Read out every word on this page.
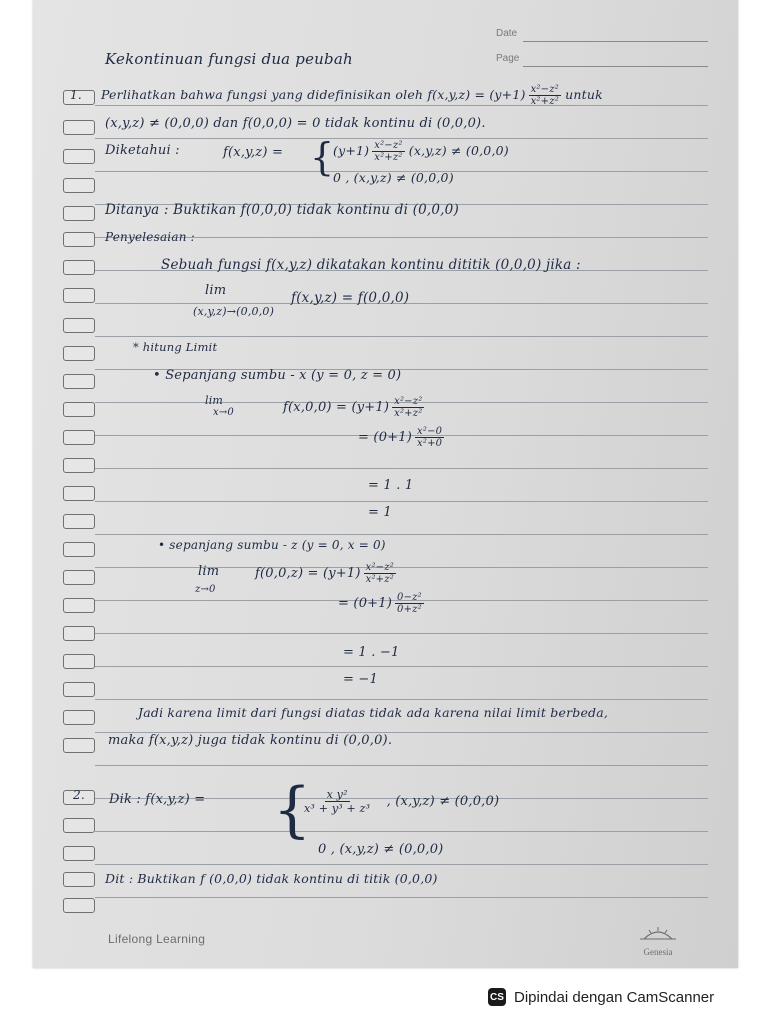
Date
Page
Kekontinuan fungsi dua peubah
1. Perlihatkan bahwa fungsi yang didefinisikan oleh $f(x,y,z) = (y+1) \frac{\text{x²−z²}}{\text{x²+z²}}$ untuk
(x,y,z) ≠ (0,0,0) dan f(0,0,0) = 0 tidak kontinu di (0,0,0).
Diketahui :	f(x,y,z) = {
$(y+1) \frac{\text{x²−z²}}{\text{x²+z²}} (x,y,z) \ne (0,0,0)$
0 , (x,y,z) ≠ (0,0,0)
Ditanya : Buktikan f(0,0,0) tidak kontinu di (0,0,0)
Penyelesaian :
Sebuah fungsi f(x,y,z) dikatakan kontinu dititik (0,0,0) jika :
lim	f(x,y,z) = f(0,0,0)
(x,y,z)→(0,0,0)
* hitung Limit
• Sepanjang sumbu - x (y = 0, z = 0)
lim
x→0	$f(x,0,0) = (y+1) \frac{\text{x²−z²}}{\text{x²+z²}}$
= $(0+1) \frac{\text{x²−0}}{\text{x²+0}}$
= 1 . 1
= 1
• sepanjang sumbu - z (y = 0, x = 0)
lim
z→0
$f(0,0,z) = (y+1) \frac{\text{x²−z²}}{\text{x²+z²}}$
= $(0+1) \frac{\text{0−z²}}{\text{0+z²}}$
= 1 . −1
= −1
Jadi karena limit dari fungsi diatas tidak ada karena nilai limit berbeda,
maka f(x,y,z) juga tidak kontinu di (0,0,0).
2. Dik : f(x,y,z) = {
$\frac{\text{x y²}}{\text{x³ + y³ + z³}}$ , (x,y,z) ≠ (0,0,0)
0 , (x,y,z) ≠ (0,0,0)
Dit : Buktikan f (0,0,0) tidak kontinu di titik (0,0,0)
Lifelong Learning
Genesia
CS Dipindai dengan CamScanner
